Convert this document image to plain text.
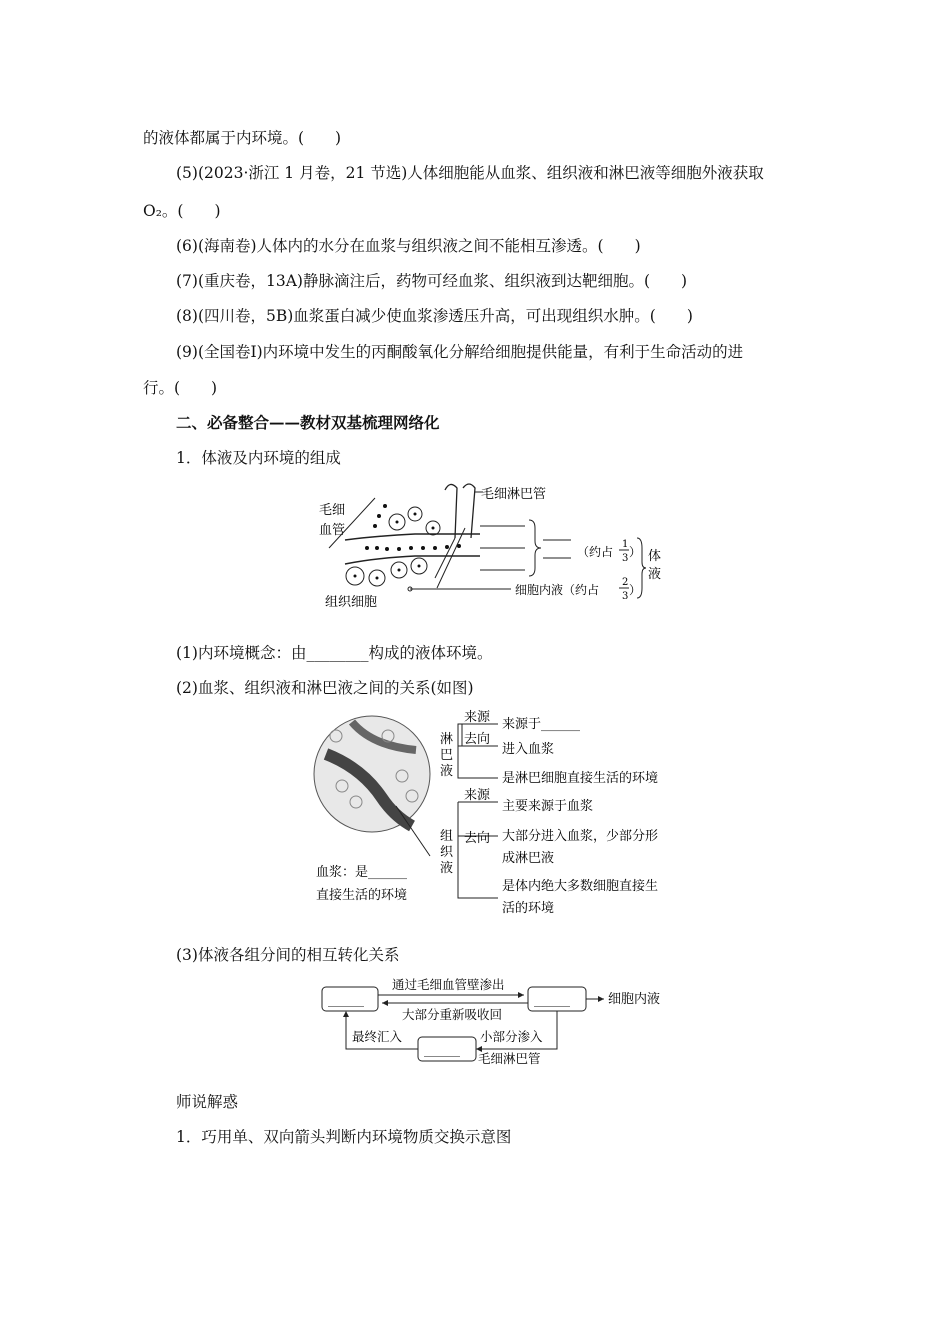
的液体都属于内环境。(　　)
(5)(2023·浙江 1 月卷，21 节选)人体细胞能从血浆、组织液和淋巴液等细胞外液获取
O₂。(　　)
(6)(海南卷)人体内的水分在血浆与组织液之间不能相互渗透。(　　)
(7)(重庆卷，13A)静脉滴注后，药物可经血浆、组织液到达靶细胞。(　　)
(8)(四川卷，5B)血浆蛋白减少使血浆渗透压升高，可出现组织水肿。(　　)
(9)(全国卷Ⅰ)内环境中发生的丙酮酸氧化分解给细胞提供能量，有利于生命活动的进
行。(　　)
二、必备整合——教材双基梳理网络化
1．体液及内环境的组成
毛细
血管
组织细胞
毛细淋巴管
（约占
1
3 ）
细胞内液（约占
2
3 ）
体
液
(1)内环境概念：由________构成的液体环境。
(2)血浆、组织液和淋巴液之间的关系(如图)
血浆：是______
直接生活的环境
淋
巴
液
来源
去向
来源于______
进入血浆
是淋巴细胞直接生活的环境
组
织
液
来源
去向
主要来源于血浆
大部分进入血浆，少部分形
成淋巴液
是体内绝大多数细胞直接生
活的环境
(3)体液各组分间的相互转化关系
______	______
______
通过毛细血管壁渗出
大部分重新吸收回
细胞内液
最终汇入	小部分渗入
毛细淋巴管
师说解惑
1．巧用单、双向箭头判断内环境物质交换示意图
